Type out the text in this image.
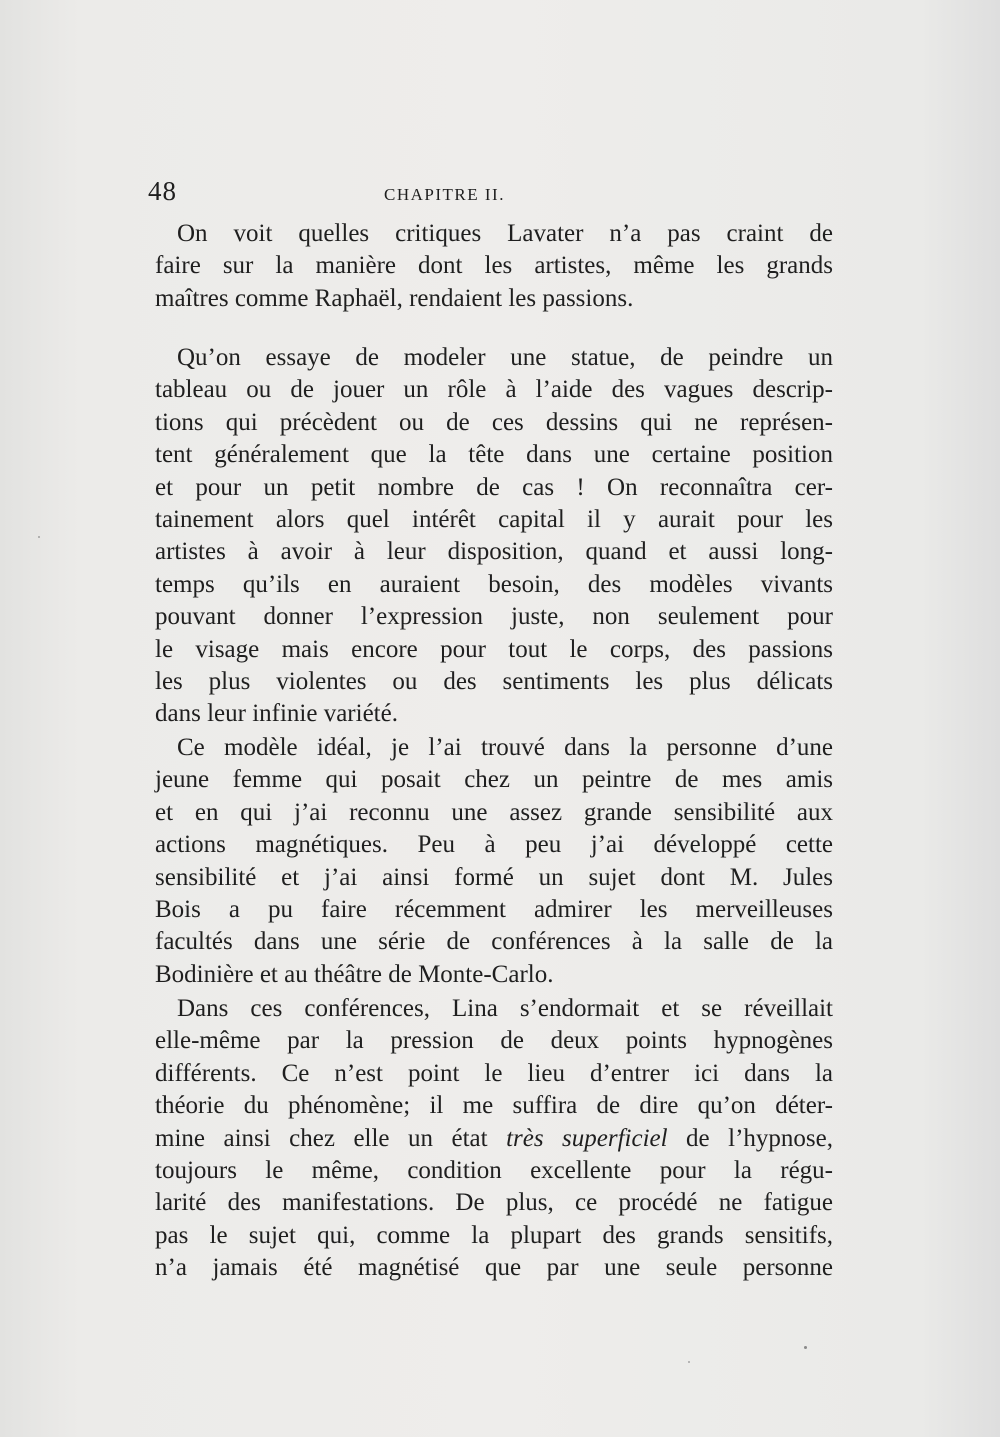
48	CHAPITRE II.
On voit quelles critiques Lavater n’a pas craint de
faire sur la manière dont les artistes, même les grands
maîtres comme Raphaël, rendaient les passions.
Qu’on essaye de modeler une statue, de peindre un
tableau ou de jouer un rôle à l’aide des vagues descrip-
tions qui précèdent ou de ces dessins qui ne représen-
tent généralement que la tête dans une certaine position
et pour un petit nombre de cas ! On reconnaîtra cer-
tainement alors quel intérêt capital il y aurait pour les
artistes à avoir à leur disposition, quand et aussi long-
temps qu’ils en auraient besoin, des modèles vivants
pouvant donner l’expression juste, non seulement pour
le visage mais encore pour tout le corps, des passions
les plus violentes ou des sentiments les plus délicats
dans leur infinie variété.
Ce modèle idéal, je l’ai trouvé dans la personne d’une
jeune femme qui posait chez un peintre de mes amis
et en qui j’ai reconnu une assez grande sensibilité aux
actions magnétiques. Peu à peu j’ai développé cette
sensibilité et j’ai ainsi formé un sujet dont M. Jules
Bois a pu faire récemment admirer les merveilleuses
facultés dans une série de conférences à la salle de la
Bodinière et au théâtre de Monte-Carlo.
Dans ces conférences, Lina s’endormait et se réveillait
elle-même par la pression de deux points hypnogènes
différents. Ce n’est point le lieu d’entrer ici dans la
théorie du phénomène; il me suffira de dire qu’on déter-
mine ainsi chez elle un état très superficiel de l’hypnose,
toujours le même, condition excellente pour la régu-
larité des manifestations. De plus, ce procédé ne fatigue
pas le sujet qui, comme la plupart des grands sensitifs,
n’a jamais été magnétisé que par une seule personne
